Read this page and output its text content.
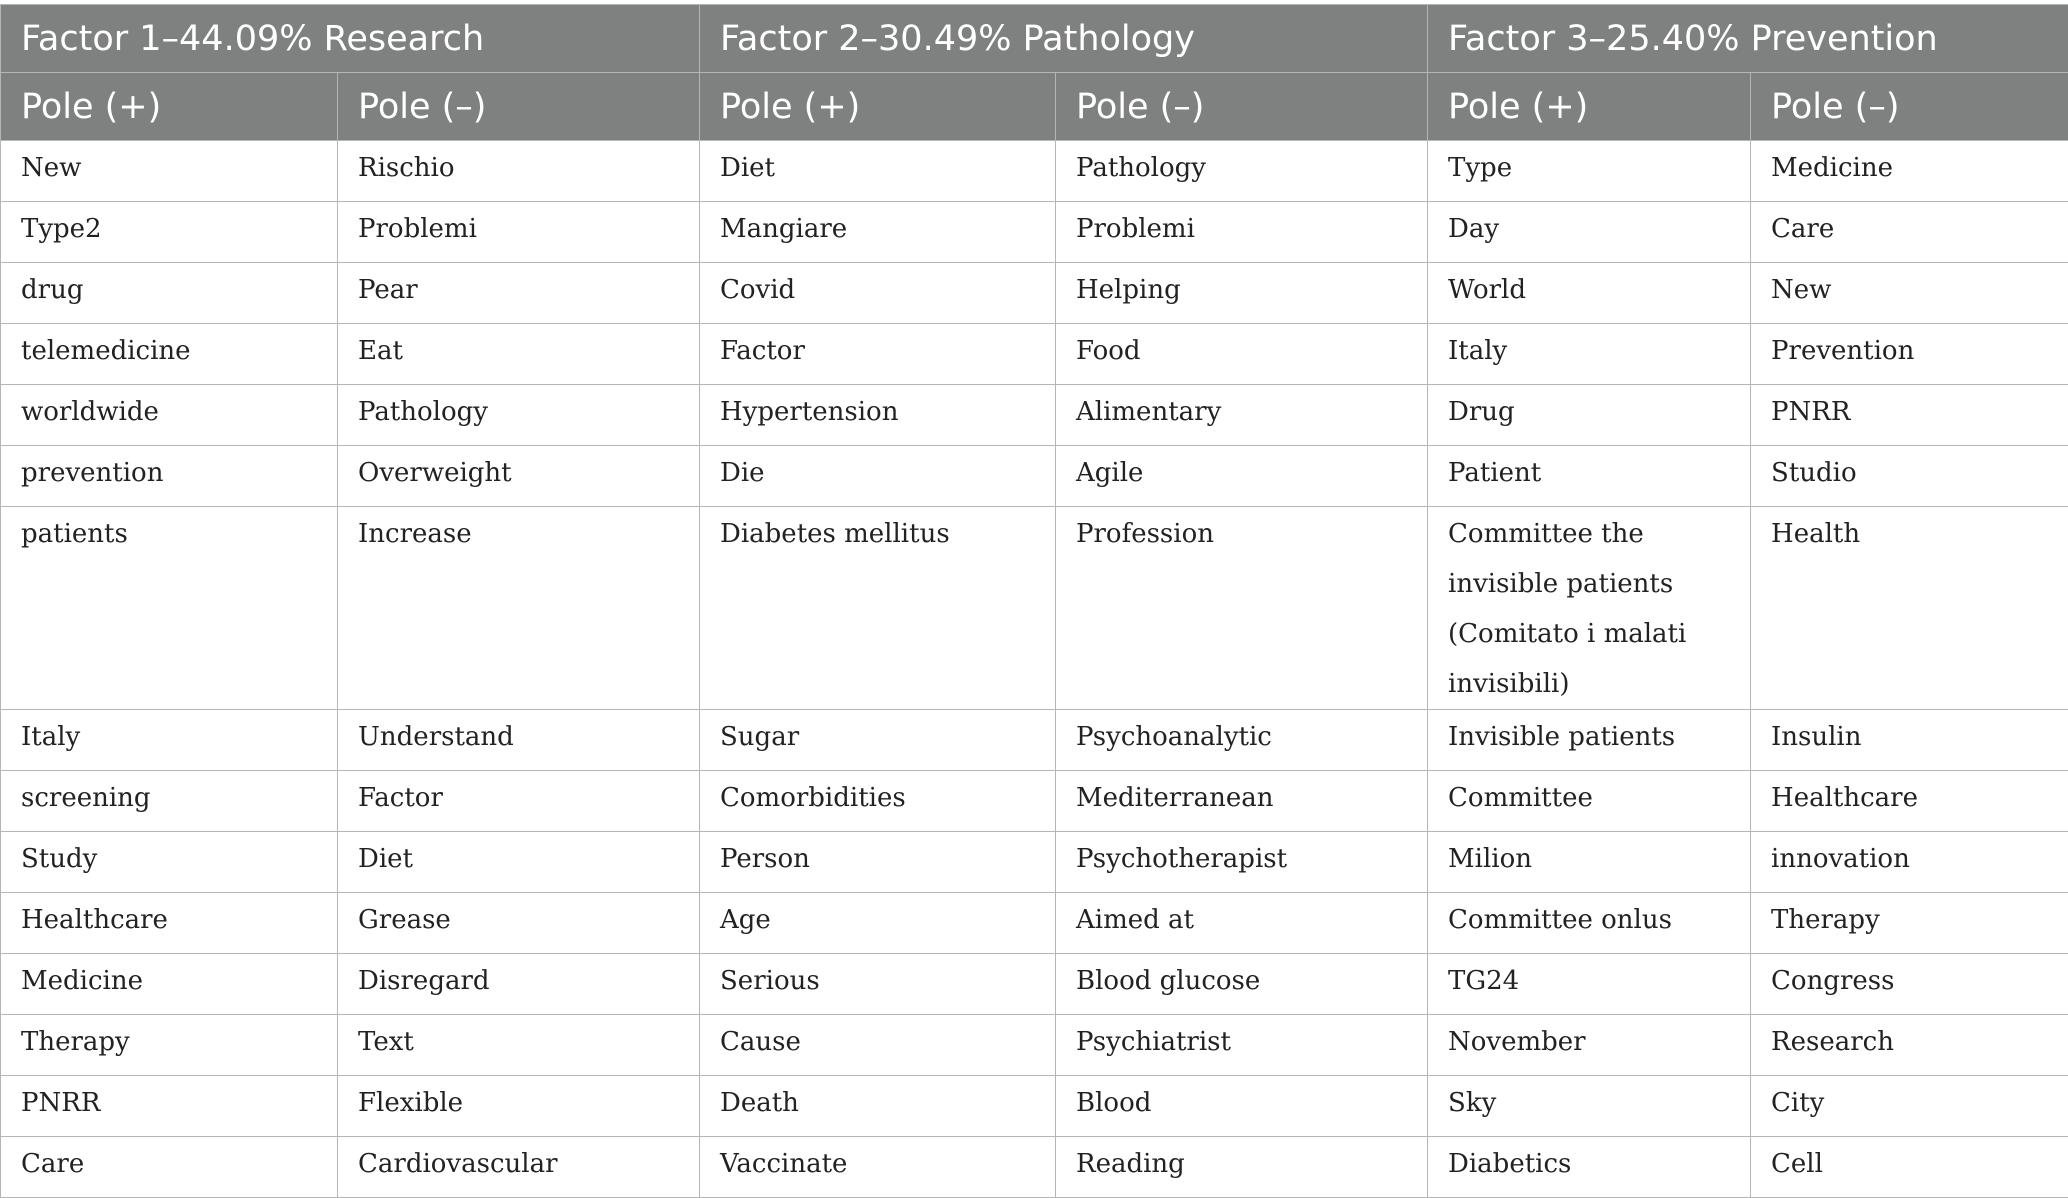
Factor 1–44.09% Research		Factor 2–30.49% Pathology		Factor 3–25.40% Prevention	
Pole (+)	Pole (–)	Pole (+)	Pole (–)	Pole (+)	Pole (–)

New	Rischio	Diet	Pathology	Type	Medicine

Type2	Problemi	Mangiare	Problemi	Day	Care

drug	Pear	Covid	Helping	World	New

telemedicine	Eat	Factor	Food	Italy	Prevention

worldwide	Pathology	Hypertension	Alimentary	Drug	PNRR

prevention	Overweight	Die	Agile	Patient	Studio

patients	Increase	Diabetes mellitus	Profession	Committee the invisible patients (Comitato i malati invisibili)	Health

Italy	Understand	Sugar	Psychoanalytic	Invisible patients	Insulin

screening	Factor	Comorbidities	Mediterranean	Committee	Healthcare

Study	Diet	Person	Psychotherapist	Milion	innovation

Healthcare	Grease	Age	Aimed at	Committee onlus	Therapy

Medicine	Disregard	Serious	Blood glucose	TG24	Congress

Therapy	Text	Cause	Psychiatrist	November	Research

PNRR	Flexible	Death	Blood	Sky	City

Care	Cardiovascular	Vaccinate	Reading	Diabetics	Cell
